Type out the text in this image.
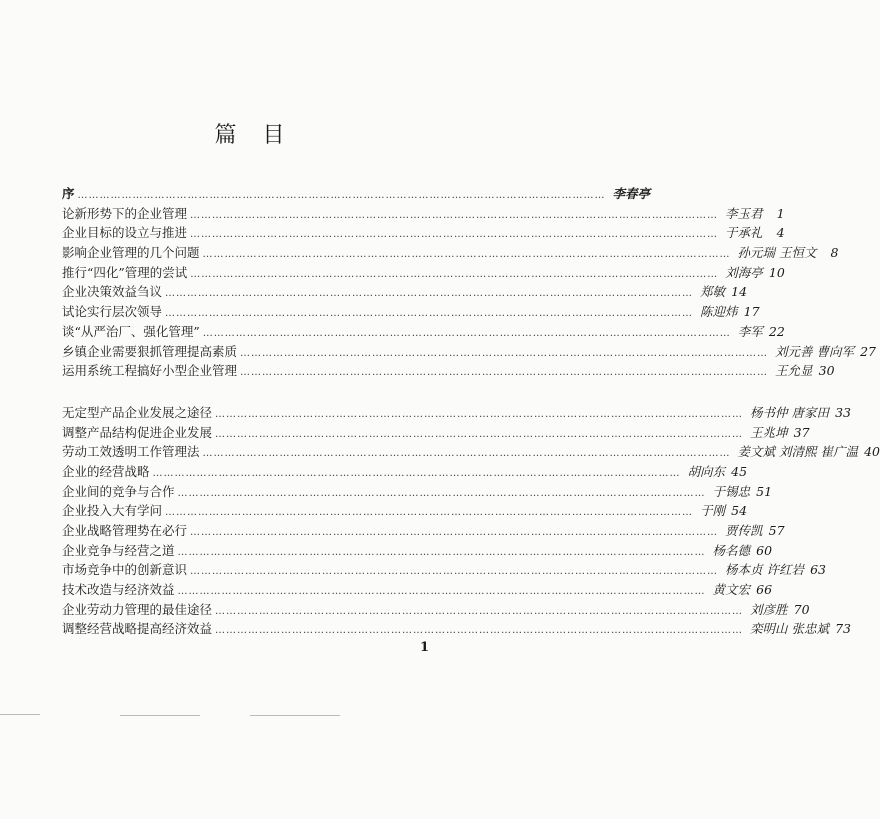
篇目
序 ……………………………………………………………………………………………………………………………… 李春亭
论新形势下的企业管理 ……………………………………………………………………………………………………………………………… 李玉君	1
企业目标的设立与推进 ……………………………………………………………………………………………………………………………… 于承礼	4
影响企业管理的几个问题 ……………………………………………………………………………………………………………………………… 孙元瑞 王恒文	8
推行“四化”管理的尝试 ……………………………………………………………………………………………………………………………… 刘海亭 10
企业决策效益刍议 ……………………………………………………………………………………………………………………………… 郑敏 14
试论实行层次领导 ……………………………………………………………………………………………………………………………… 陈迎炜 17
谈“从严治厂、强化管理” ……………………………………………………………………………………………………………………………… 李军 22
乡镇企业需要狠抓管理提高素质 ……………………………………………………………………………………………………………………………… 刘元善 曹向军 27
运用系统工程搞好小型企业管理 ……………………………………………………………………………………………………………………………… 王允显 30
无定型产品企业发展之途径 ……………………………………………………………………………………………………………………………… 杨书仲 唐家田 33
调整产品结构促进企业发展 ……………………………………………………………………………………………………………………………… 王兆坤 37
劳动工效透明工作管理法 ……………………………………………………………………………………………………………………………… 姜文斌 刘清熙 崔广温 40
企业的经营战略 ……………………………………………………………………………………………………………………………… 胡向东 45
企业间的竞争与合作 ……………………………………………………………………………………………………………………………… 于锡忠 51
企业投入大有学问 ……………………………………………………………………………………………………………………………… 于刚 54
企业战略管理势在必行 ……………………………………………………………………………………………………………………………… 贾传凯 57
企业竞争与经营之道 ……………………………………………………………………………………………………………………………… 杨名德 60
市场竞争中的创新意识 ……………………………………………………………………………………………………………………………… 杨本贞 许红岩 63
技术改造与经济效益 ……………………………………………………………………………………………………………………………… 黄文宏 66
企业劳动力管理的最佳途径 ……………………………………………………………………………………………………………………………… 刘彦胜 70
调整经营战略提高经济效益 ……………………………………………………………………………………………………………………………… 栾明山 张忠斌 73
1
